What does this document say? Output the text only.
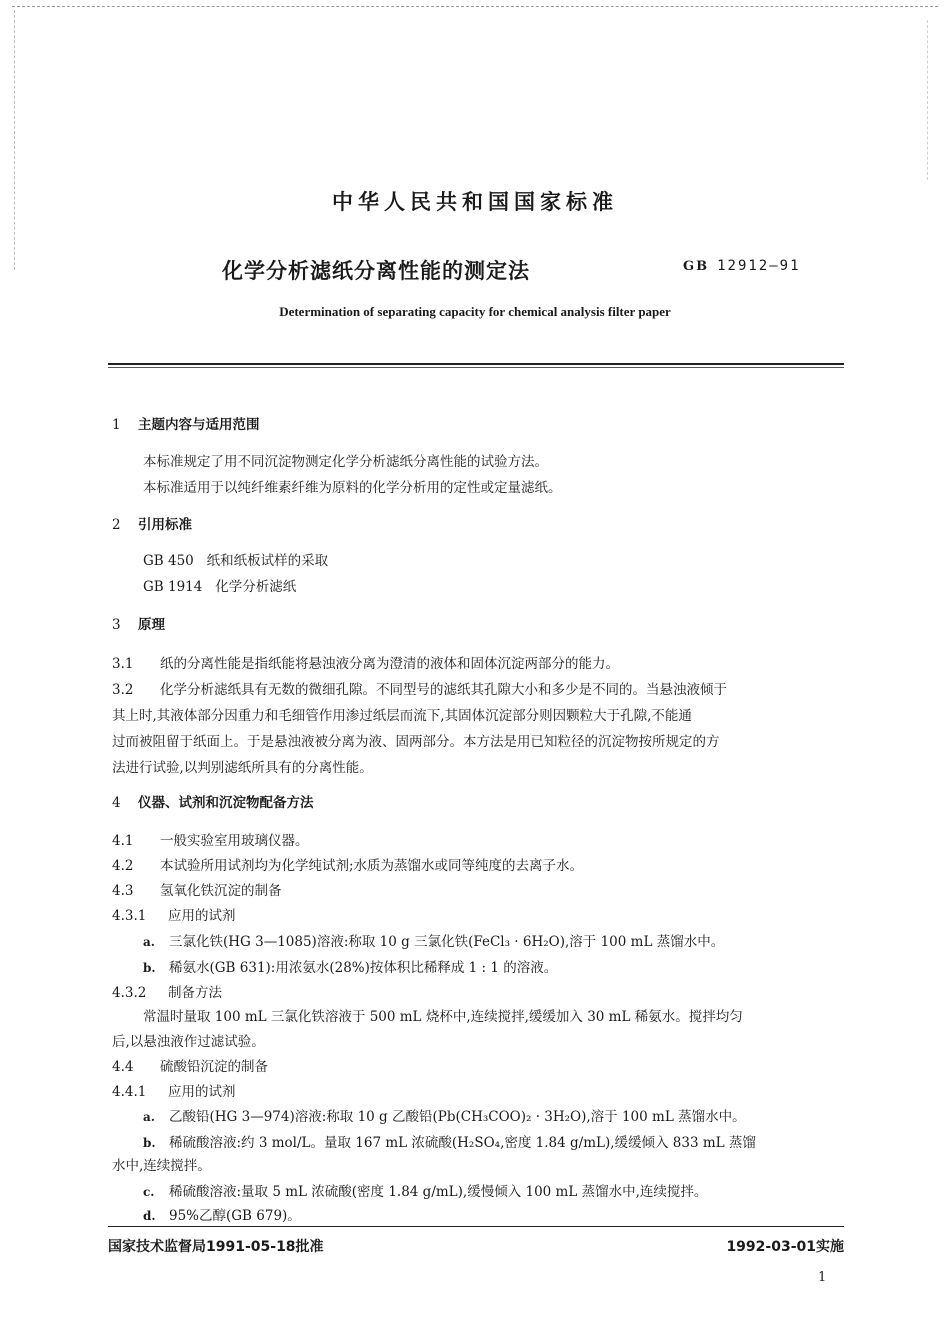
中华人民共和国国家标准
化学分析滤纸分离性能的测定法	GB 12912—91
Determination of separating capacity for chemical analysis filter paper
1 主题内容与适用范围
本标准规定了用不同沉淀物测定化学分析滤纸分离性能的试验方法。
本标准适用于以纯纤维素纤维为原料的化学分析用的定性或定量滤纸。
2 引用标准
GB 450   纸和纸板试样的采取
GB 1914   化学分析滤纸
3 原理
3.1 纸的分离性能是指纸能将悬浊液分离为澄清的液体和固体沉淀两部分的能力。
3.2 化学分析滤纸具有无数的微细孔隙。不同型号的滤纸其孔隙大小和多少是不同的。当悬浊液倾于
其上时,其液体部分因重力和毛细管作用渗过纸层而流下,其固体沉淀部分则因颗粒大于孔隙,不能通
过而被阻留于纸面上。于是悬浊液被分离为液、固两部分。本方法是用已知粒径的沉淀物按所规定的方
法进行试验,以判别滤纸所具有的分离性能。
4 仪器、试剂和沉淀物配备方法
4.1 一般实验室用玻璃仪器。
4.2 本试验所用试剂均为化学纯试剂;水质为蒸馏水或同等纯度的去离子水。
4.3 氢氧化铁沉淀的制备
4.3.1 应用的试剂
a. 三氯化铁(HG 3—1085)溶液:称取 10 g 三氯化铁(FeCl₃ · 6H₂O),溶于 100 mL 蒸馏水中。
b. 稀氨水(GB 631):用浓氨水(28%)按体积比稀释成 1 : 1 的溶液。
4.3.2 制备方法
常温时量取 100 mL 三氯化铁溶液于 500 mL 烧杯中,连续搅拌,缓缓加入 30 mL 稀氨水。搅拌均匀
后,以悬浊液作过滤试验。
4.4 硫酸铅沉淀的制备
4.4.1 应用的试剂
a. 乙酸铅(HG 3—974)溶液:称取 10 g 乙酸铅(Pb(CH₃COO)₂ · 3H₂O),溶于 100 mL 蒸馏水中。
b. 稀硫酸溶液:约 3 mol/L。量取 167 mL 浓硫酸(H₂SO₄,密度 1.84 g/mL),缓缓倾入 833 mL 蒸馏
水中,连续搅拌。
c. 稀硫酸溶液:量取 5 mL 浓硫酸(密度 1.84 g/mL),缓慢倾入 100 mL 蒸馏水中,连续搅拌。
d. 95%乙醇(GB 679)。
国家技术监督局1991-05-18批准	1992-03-01实施
1
